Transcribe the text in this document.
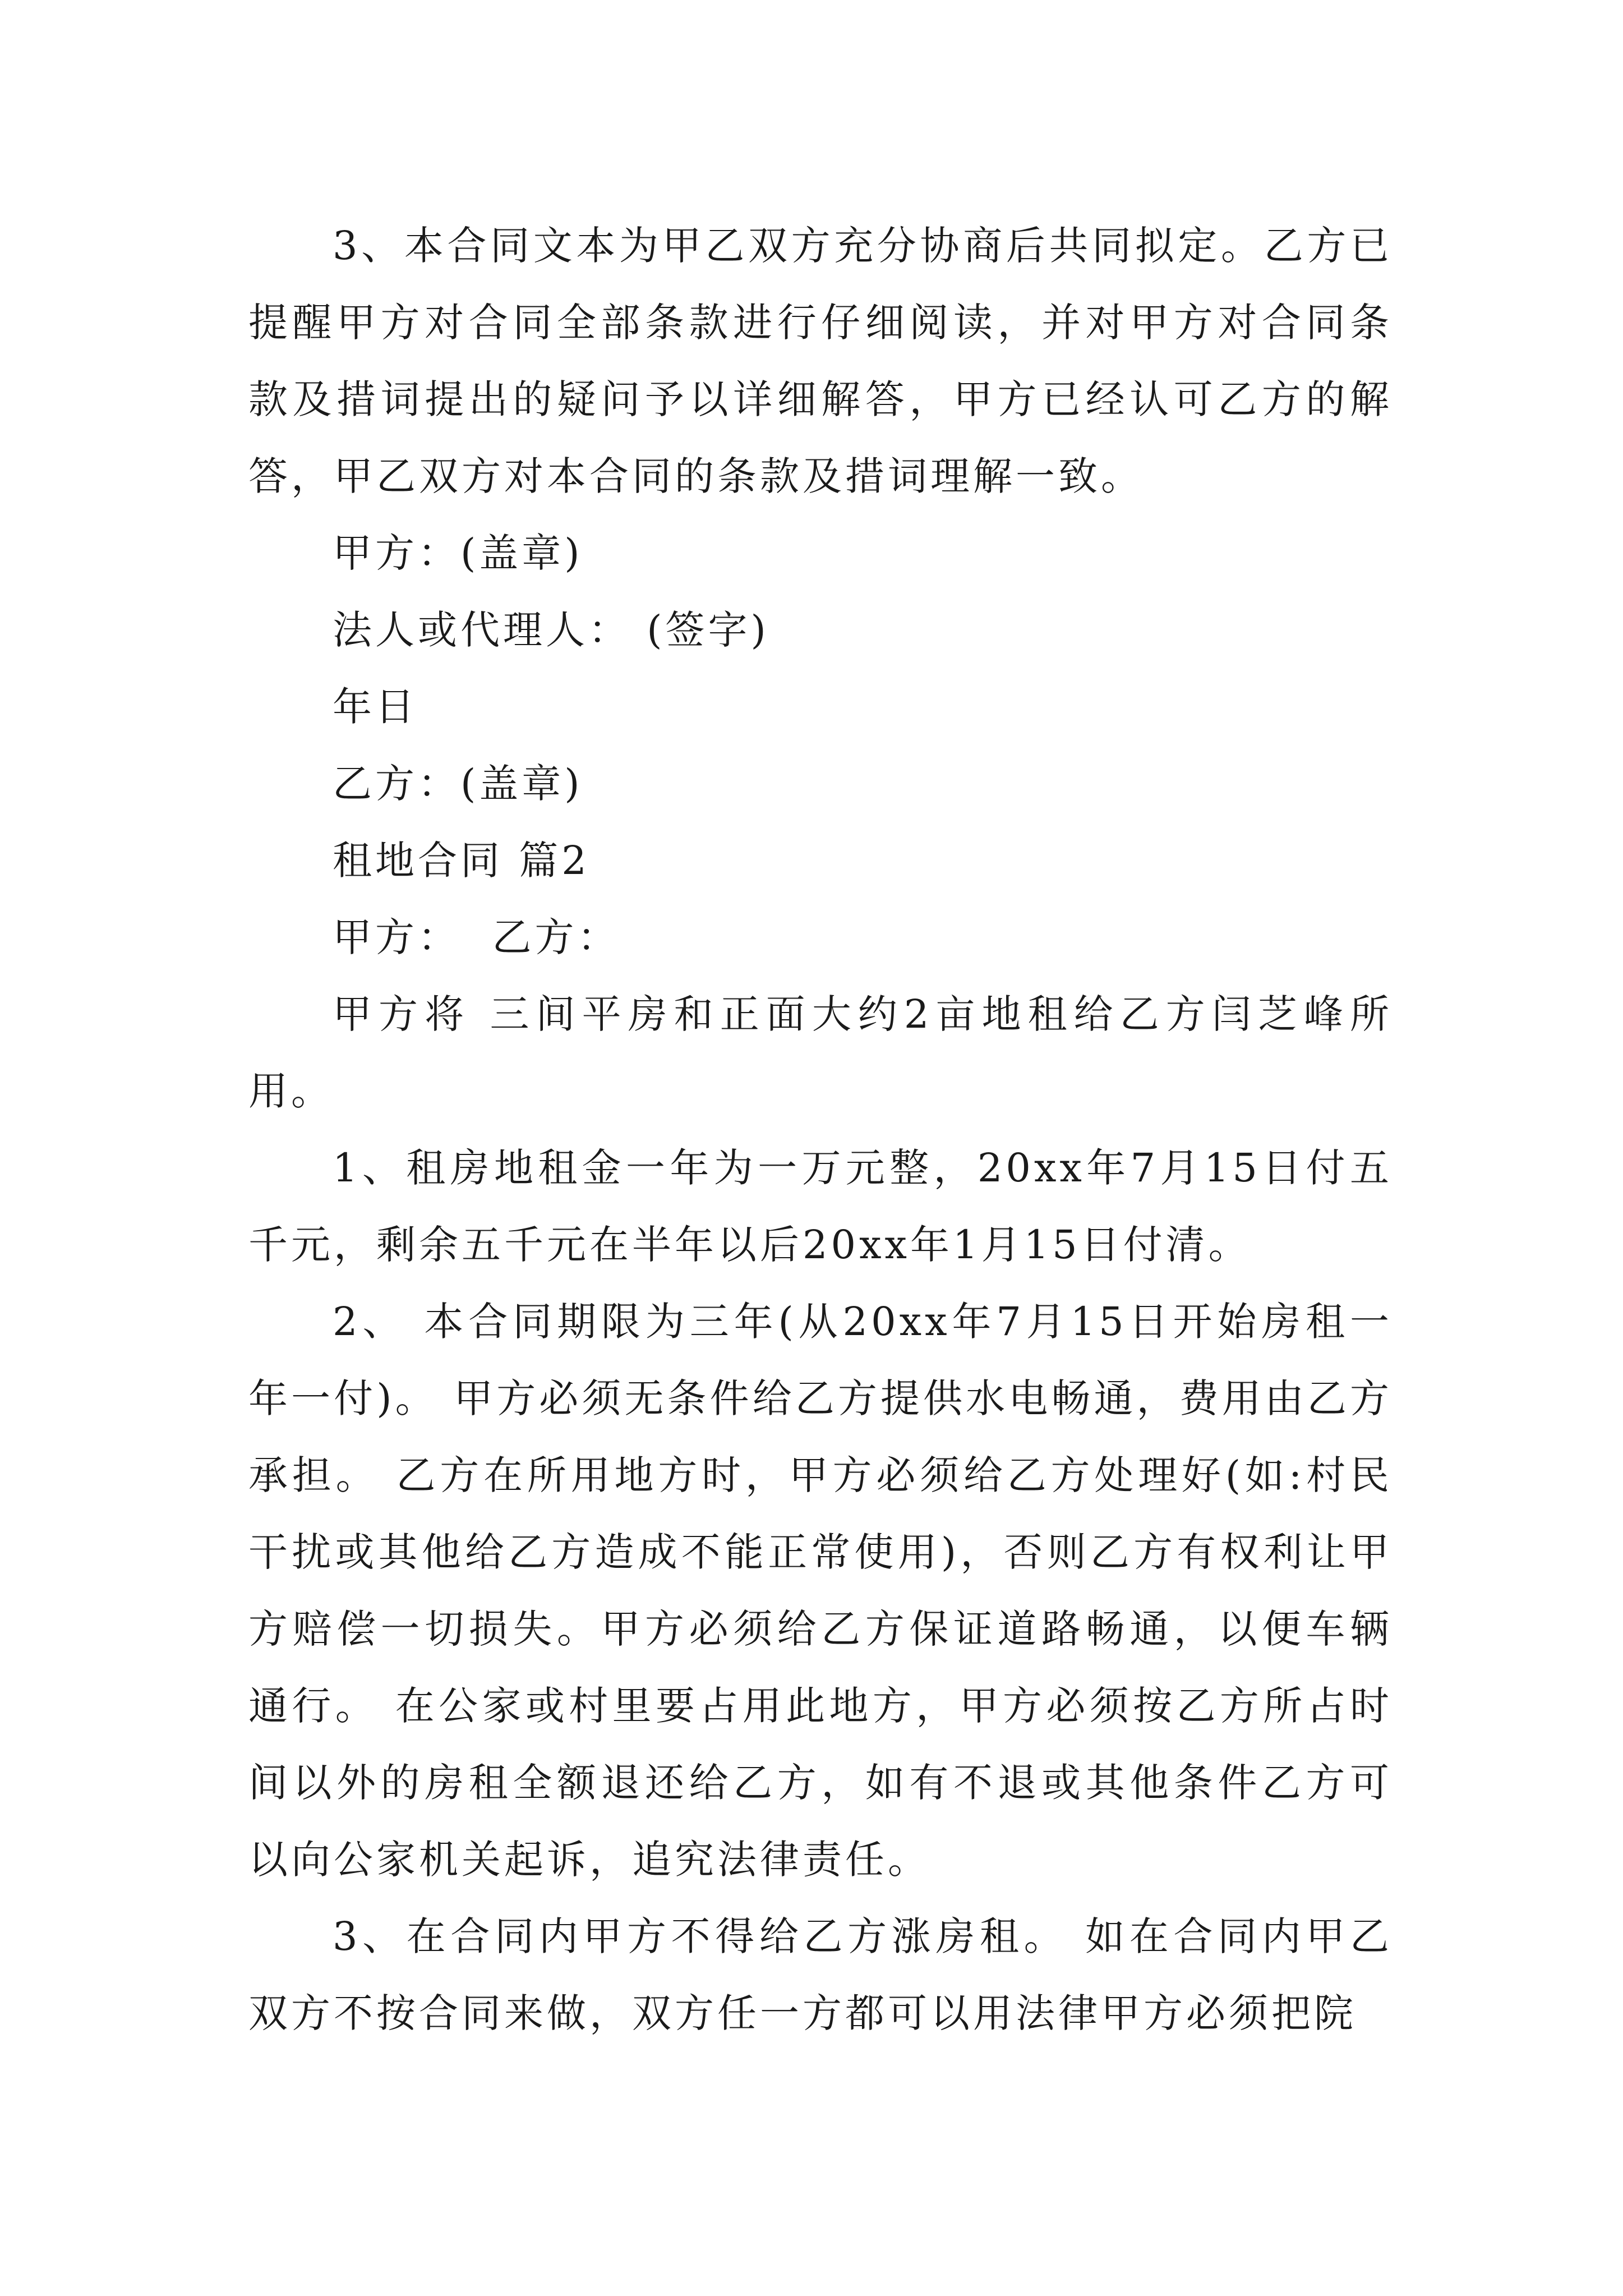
3、本合同文本为甲乙双方充分协商后共同拟定。乙方已提醒甲方对合同全部条款进行仔细阅读，并对甲方对合同条款及措词提出的疑问予以详细解答，甲方已经认可乙方的解答，甲乙双方对本合同的条款及措词理解一致。

甲方：(盖章)

法人或代理人： (签字)

年日

乙方：(盖章)

租地合同 篇2

甲方：  乙方：

甲方将 三间平房和正面大约2亩地租给乙方闫芝峰所用。

1、租房地租金一年为一万元整，20xx年7月15日付五千元，剩余五千元在半年以后20xx年1月15日付清。

2、 本合同期限为三年(从20xx年7月15日开始房租一年一付)。 甲方必须无条件给乙方提供水电畅通，费用由乙方承担。 乙方在所用地方时，甲方必须给乙方处理好(如:村民干扰或其他给乙方造成不能正常使用)，否则乙方有权利让甲方赔偿一切损失。甲方必须给乙方保证道路畅通，以便车辆通行。 在公家或村里要占用此地方，甲方必须按乙方所占时间以外的房租全额退还给乙方，如有不退或其他条件乙方可以向公家机关起诉，追究法律责任。

3、在合同内甲方不得给乙方涨房租。 如在合同内甲乙双方不按合同来做，双方任一方都可以用法律甲方必须把院
